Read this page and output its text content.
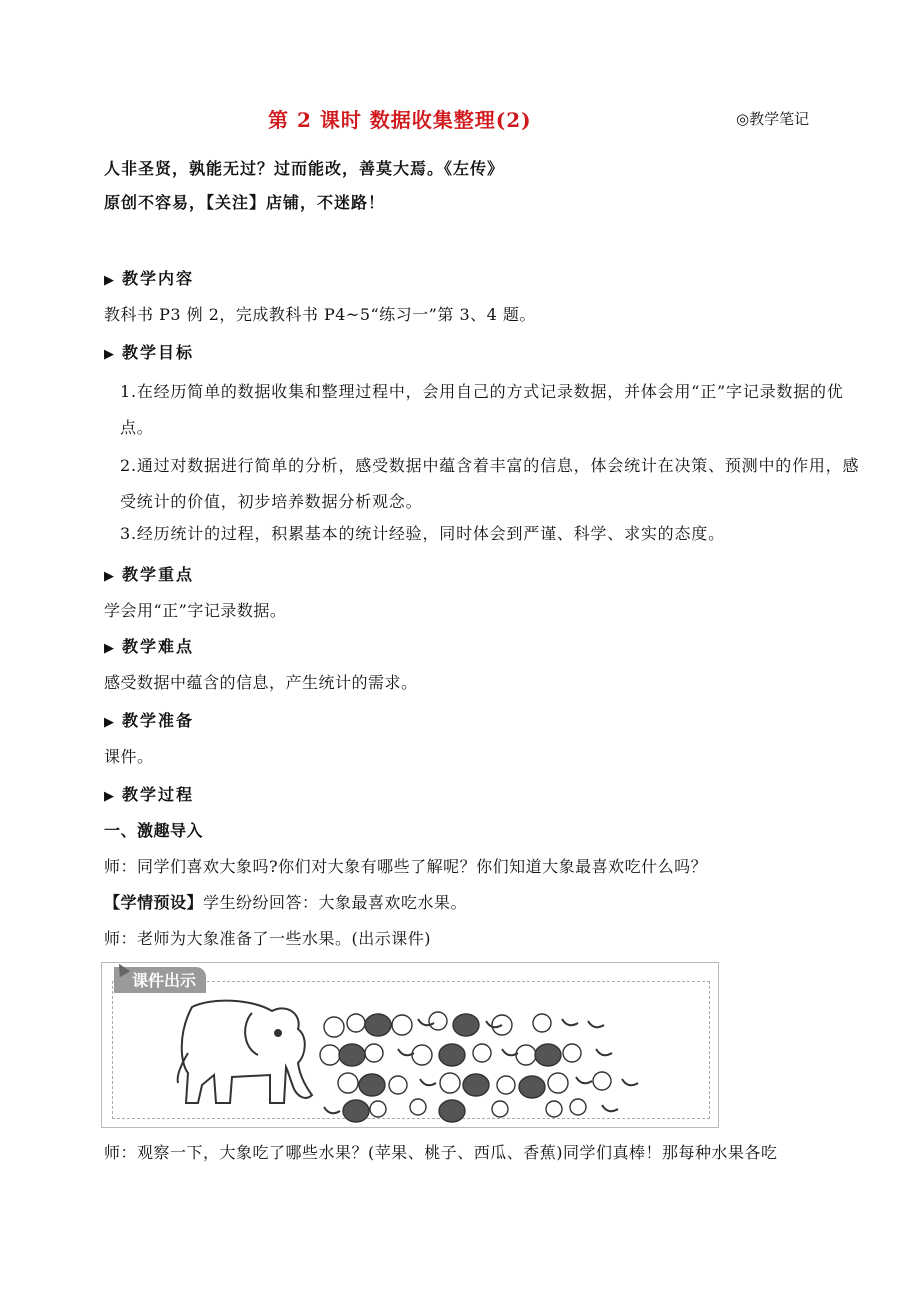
第 2 课时 数据收集整理(2)	◎教学笔记
人非圣贤，孰能无过？过而能改，善莫大焉。《左传》
原创不容易，【关注】店铺，不迷路！
▶ 教学内容
教科书 P3 例 2，完成教科书 P4~5“练习一”第 3、4 题。
▶ 教学目标
1.在经历简单的数据收集和整理过程中，会用自己的方式记录数据，并体会用“正”字记录数据的优点。
2.通过对数据进行简单的分析，感受数据中蕴含着丰富的信息，体会统计在决策、预测中的作用，感受统计的价值，初步培养数据分析观念。
3.经历统计的过程，积累基本的统计经验，同时体会到严谨、科学、求实的态度。
▶ 教学重点
学会用“正”字记录数据。
▶ 教学难点
感受数据中蕴含的信息，产生统计的需求。
▶ 教学准备
课件。
▶ 教学过程
一、激趣导入
师：同学们喜欢大象吗?你们对大象有哪些了解呢？你们知道大象最喜欢吃什么吗？
【学情预设】学生纷纷回答：大象最喜欢吃水果。
师：老师为大象准备了一些水果。(出示课件)
课件出示
师：观察一下，大象吃了哪些水果？(苹果、桃子、西瓜、香蕉)同学们真棒！那每种水果各吃
